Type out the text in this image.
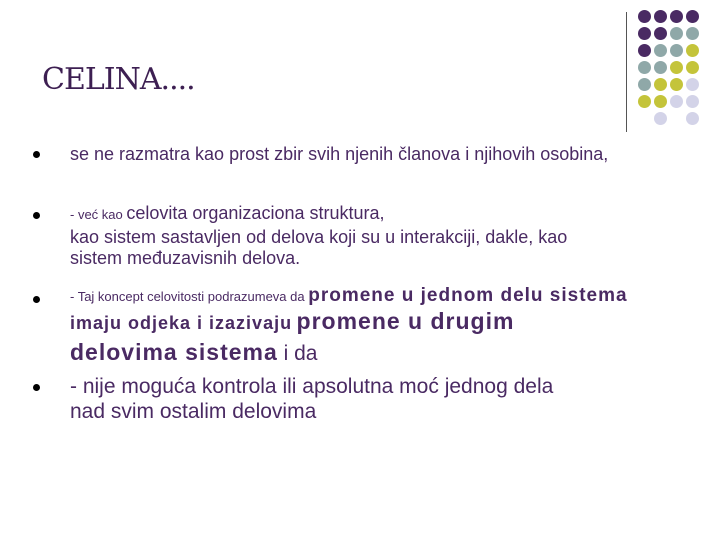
CELINA....
se ne razmatra kao prost zbir svih njenih članova i njihovih osobina,
- već kao celovita organizaciona struktura,
kao sistem sastavljen od delova koji su u interakciji, dakle, kao
sistem međuzavisnih delova.
- Taj koncept celovitosti podrazumeva da promene u jednom delu sistema
imaju odjeka i izazivaju promene u drugim
delovima sistema i da
- nije moguća kontrola ili apsolutna moć jednog dela
nad svim ostalim delovima
